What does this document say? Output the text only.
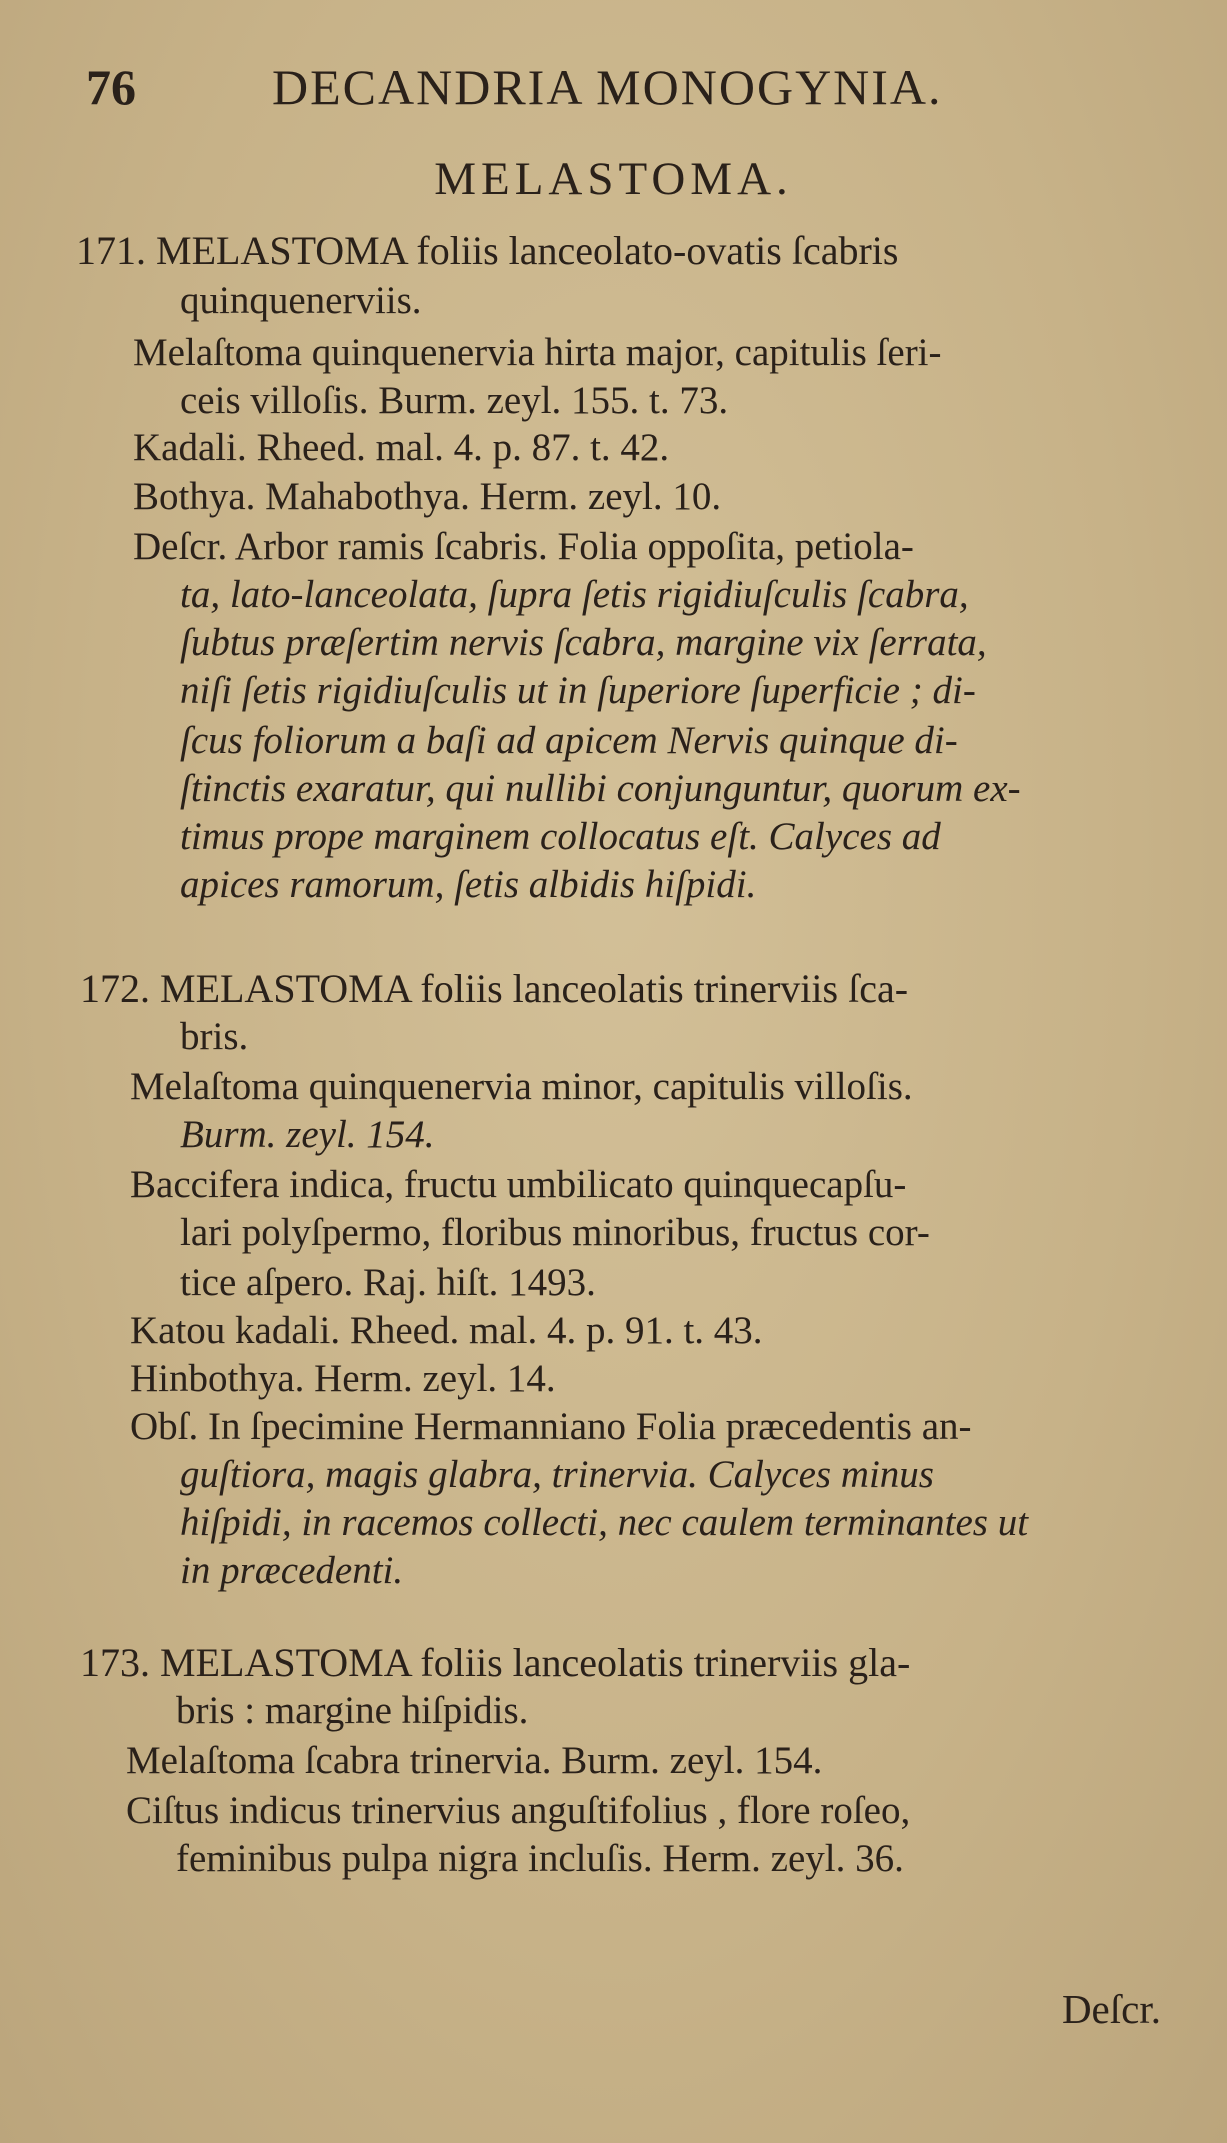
76	DECANDRIA MONOGYNIA.
MELASTOMA.
171. MELASTOMA foliis lanceolato-ovatis ſcabris
quinquenerviis.
Melaſtoma quinquenervia hirta major, capitulis ſeri-
ceis villoſis. Burm. zeyl. 155. t. 73.
Kadali. Rheed. mal. 4. p. 87. t. 42.
Bothya. Mahabothya. Herm. zeyl. 10.
Deſcr. Arbor ramis ſcabris. Folia oppoſita, petiola-
ta, lato-lanceolata, ſupra ſetis rigidiuſculis ſcabra,
ſubtus præſertim nervis ſcabra, margine vix ſerrata,
niſi ſetis rigidiuſculis ut in ſuperiore ſuperficie ; di-
ſcus foliorum a baſi ad apicem Nervis quinque di-
ſtinctis exaratur, qui nullibi conjunguntur, quorum ex-
timus prope marginem collocatus eſt. Calyces ad
apices ramorum, ſetis albidis hiſpidi.
172. MELASTOMA foliis lanceolatis trinerviis ſca-
bris.
Melaſtoma quinquenervia minor, capitulis villoſis.
Burm. zeyl. 154.
Baccifera indica, fructu umbilicato quinquecapſu-
lari polyſpermo, floribus minoribus, fructus cor-
tice aſpero. Raj. hiſt. 1493.
Katou kadali. Rheed. mal. 4. p. 91. t. 43.
Hinbothya. Herm. zeyl. 14.
Obſ. In ſpecimine Hermanniano Folia præcedentis an-
guſtiora, magis glabra, trinervia. Calyces minus
hiſpidi, in racemos collecti, nec caulem terminantes ut
in præcedenti.
173. MELASTOMA foliis lanceolatis trinerviis gla-
bris : margine hiſpidis.
Melaſtoma ſcabra trinervia. Burm. zeyl. 154.
Ciſtus indicus trinervius anguſtifolius , flore roſeo,
feminibus pulpa nigra incluſis. Herm. zeyl. 36.
Deſcr.
